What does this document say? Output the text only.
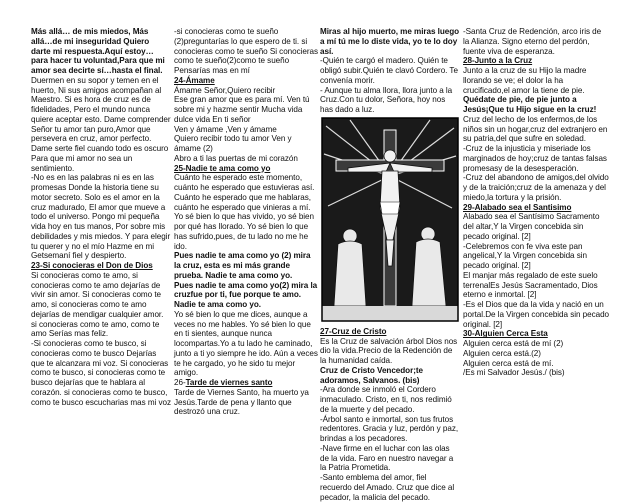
Más allá… de mis miedos, Más allá…de mi inseguridad Quiero darte mi respuesta.Aquí estoy… para hacer tu voluntad,Para que mi amor sea decirte sí…hasta el final.

Duermen en su sopor y temen en el huerto, Ni sus amigos acompañan al Maestro. Si es hora de cruz es de fidelidades, Pero el mundo nunca quiere aceptar esto. Dame comprender Señor tu amor tan puro,Amor que persevera en cruz, amor perfecto. Dame serte fiel cuando todo es oscuro Para que mi amor no sea un sentimiento.
-No es en las palabras ni es en las promesas Donde la historia tiene su motor secreto. Solo es el amor en la cruz madurado, El amor que mueve a todo el universo. Pongo mi pequeña vida hoy en tus manos, Por sobre mis debilidades y mis miedos. Y para elegir tu querer y no el mío Hazme en mi Getsemaní fiel y despierto.

23-Si conocieras el Don de Dios

Si conocieras como te amo, si conocieras como te amo dejarías de vivir sin amor. Si conocieras como te amo, si conocieras como te amo dejarías de mendigar cualquier amor. si conocieras como te amo, como te amo Serías mas feliz.
-Si conocieras como te busco, si conocieras como te busco Dejarías que te alcanzara mi voz. Si conocieras como te busco, si conocieras como te busco dejarías que te hablara al corazón. si conocieras como te busco, como te busco escucharias mas mi voz

-si conocieras como te sueño (2)preguntarías lo que espero de ti. si conocieras como te sueño Si conocieras como te sueño(2)como te sueño Pensarías mas en mí

24-Ámame

Ámame Señor,Quiero recibir
Ese gran amor que es para mí. Ven tú sobre mi y hazme sentir Mucha vida dulce vida En ti señor
Ven y ámame ,Ven y ámame
Quiero recibir todo tu amor Ven y ámame (2)
Abro a ti las puertas de mi corazón

25-Nadie te ama como yo

Cuánto he esperado este momento, cuánto he esperado que estuvieras así. Cuánto he esperado que me hablaras, cuánto he esperado que vinieras a mí. Yo sé bien lo que has vivido, yo sé bien por qué has llorado. Yo sé bien lo que has sufrido,pues, de tu lado no me he ido.

Pues nadie te ama como yo (2) mira la cruz, esta es mi más grande prueba. Nadie te ama como yo.
Pues nadie te ama como yo(2) mira la cruzfue por ti, fue porque te amo. Nadie te ama como yo.

Yo sé bien lo que me dices, aunque a veces no me hables. Yo sé bien lo que en ti sientes, aunque nunca locompartas.Yo a tu lado he caminado, junto a ti yo siempre he ido. Aún a veces te he cargado, yo he sido tu mejor amigo.

26-Tarde de viernes santo

Tarde de Viernes Santo, ha muerto ya Jesús.Tarde de pena y llanto que destrozó una cruz.

Miras al hijo muerto, me miras luego a mí tú me lo diste vida, yo te lo doy así.

-Quién te cargó el madero. Quién te obligó subir.Quién te clavó Cordero. Te convenía morir.
- Aunque tu alma llora, llora junto a la Cruz.Con tu dolor, Señora, hoy nos has dado a luz.

27-Cruz de Cristo

Es la Cruz de salvación árbol Dios nos dio la vida.Precio de la Redención de la humanidad caída.

Cruz de Cristo Vencedor;te adoramos, Salvanos. (bis)

-Ara donde se inmoló el Cordero inmaculado. Cristo, en ti, nos redimió de la muerte y del pecado.
-Árbol santo e inmortal, son tus frutos redentores. Gracia y luz, perdón y paz, brindas a los pecadores.
-Nave firme en el luchar con las olas de la vida. Faro en nuestro navegar a la Patria Prometida.
-Santo emblema del amor, fiel recuerdo del Amado. Cruz que dice al pecador, la malicia del pecado.

-Santa Cruz de Redención, arco iris de la Alianza. Signo eterno del perdón, fuente viva de esperanza.

28-Junto a la Cruz

Junto a la cruz de su Hijo la madre llorando se ve; el dolor la ha crucificado,el amor la tiene de pie.

Quédate de pie, de pie junto a Jesús¡Que tu Hijo sigue en la cruz!

Cruz del lecho de los enfermos,de los niños sin un hogar,cruz del extranjero en su patria,del que sufre en soledad.
-Cruz de la injusticia y miseriade los marginados de hoy;cruz de tantas falsas promesasy de la desesperación.
-Cruz del abandono de amigos,del olvido y de la traición;cruz de la amenaza y del miedo,la tortura y la prisión.

29-Alabado sea el Santisimo

Alabado sea el Santísimo Sacramento del altar,Y la Virgen concebida sin pecado original. [2]
-Celebremos con fe viva este pan angelical,Y la Virgen concebida sin pecado original. [2]
El manjar más regalado de este suelo terrenalEs Jesús Sacramentado, Dios eterno e inmortal. [2]
-Es el Dios que da la vida y nació en un portal.De la Virgen concebida sin pecado original. [2]

30-Alguien Cerca Esta

Alguien cerca está de mí (2)
Alguien cerca está.(2)
Alguien cerca está de mí.
/Es mi Salvador Jesús./ (bis)
